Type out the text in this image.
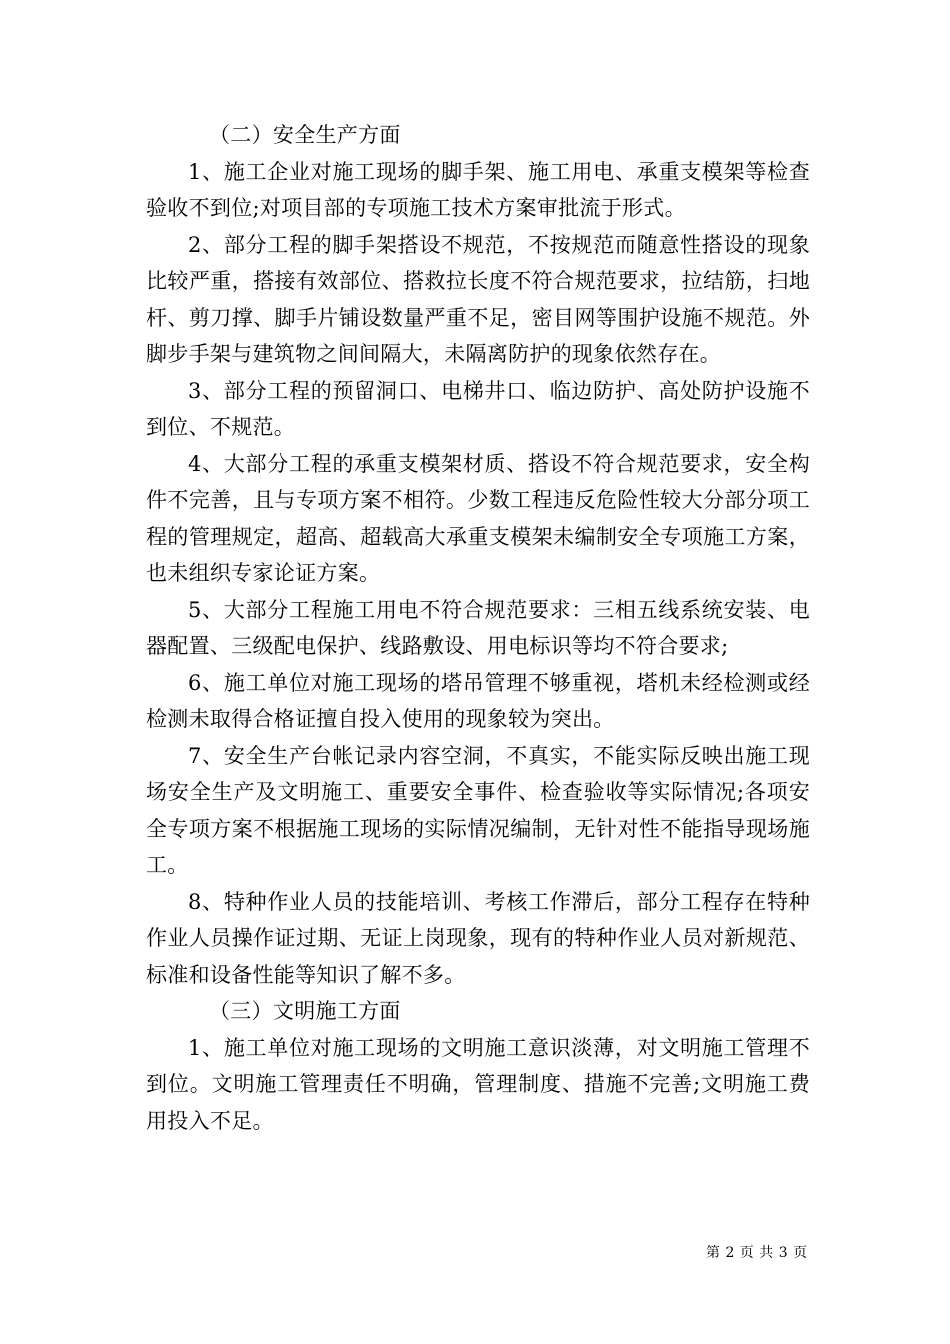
（二）安全生产方面

1、施工企业对施工现场的脚手架、施工用电、承重支模架等检查验收不到位;对项目部的专项施工技术方案审批流于形式。

2、部分工程的脚手架搭设不规范，不按规范而随意性搭设的现象比较严重，搭接有效部位、搭救拉长度不符合规范要求，拉结筋，扫地杆、剪刀撑、脚手片铺设数量严重不足，密目网等围护设施不规范。外脚步手架与建筑物之间间隔大，未隔离防护的现象依然存在。

3、部分工程的预留洞口、电梯井口、临边防护、高处防护设施不到位、不规范。

4、大部分工程的承重支模架材质、搭设不符合规范要求，安全构件不完善，且与专项方案不相符。少数工程违反危险性较大分部分项工程的管理规定，超高、超载高大承重支模架未编制安全专项施工方案，也未组织专家论证方案。

5、大部分工程施工用电不符合规范要求：三相五线系统安装、电器配置、三级配电保护、线路敷设、用电标识等均不符合要求;

6、施工单位对施工现场的塔吊管理不够重视，塔机未经检测或经检测未取得合格证擅自投入使用的现象较为突出。

7、安全生产台帐记录内容空洞，不真实，不能实际反映出施工现场安全生产及文明施工、重要安全事件、检查验收等实际情况;各项安全专项方案不根据施工现场的实际情况编制，无针对性不能指导现场施工。

8、特种作业人员的技能培训、考核工作滞后，部分工程存在特种作业人员操作证过期、无证上岗现象，现有的特种作业人员对新规范、标准和设备性能等知识了解不多。

（三）文明施工方面

1、施工单位对施工现场的文明施工意识淡薄，对文明施工管理不到位。文明施工管理责任不明确，管理制度、措施不完善;文明施工费用投入不足。

第 2 页 共 3 页
